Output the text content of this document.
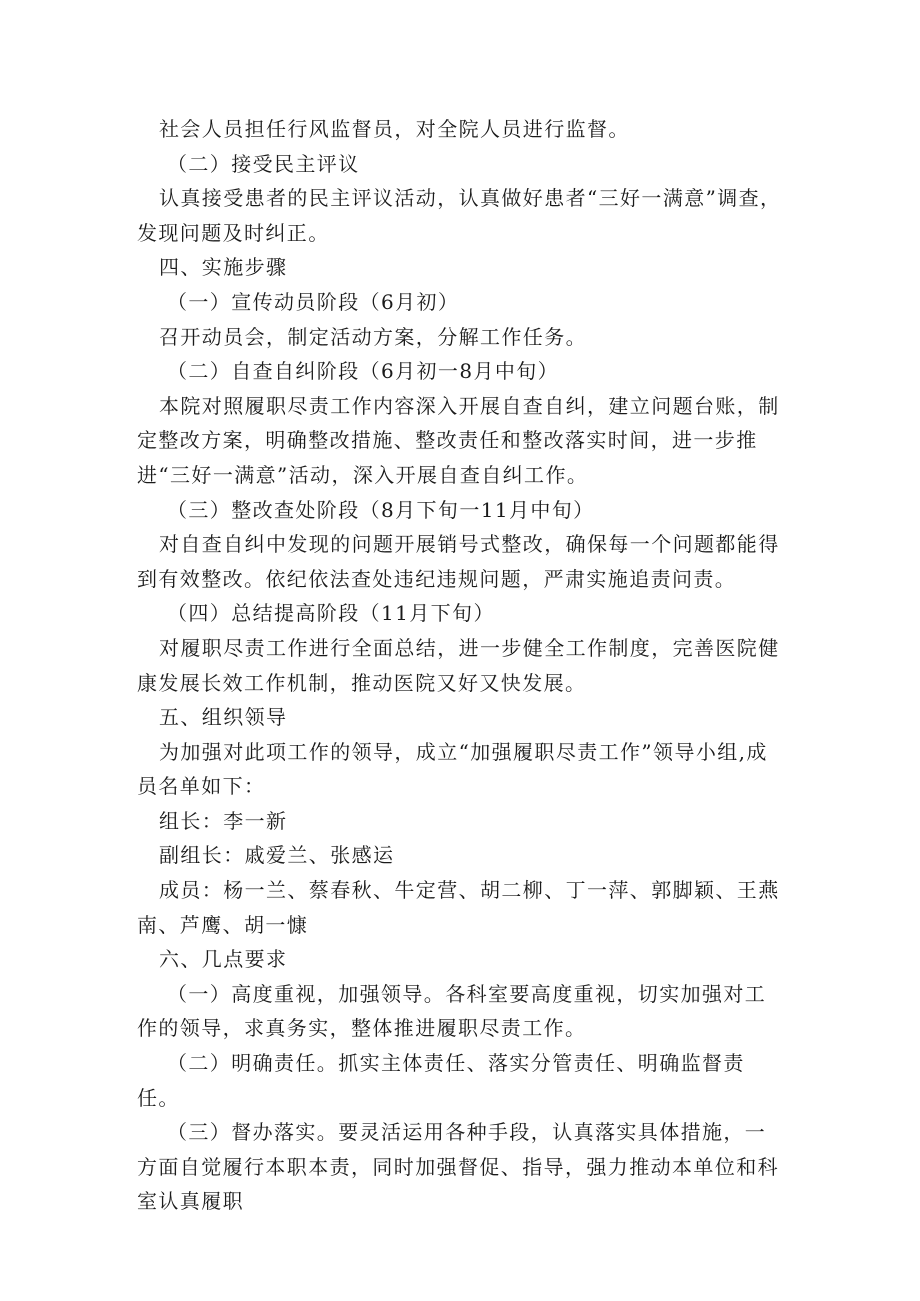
社会人员担任行风监督员，对全院人员进行监督。

（二）接受民主评议

认真接受患者的民主评议活动，认真做好患者“三好一满意”调查，发现问题及时纠正。

四、实施步骤

（一）宣传动员阶段（6月初）

召开动员会，制定活动方案，分解工作任务。

（二）自查自纠阶段（6月初一8月中旬）

本院对照履职尽责工作内容深入开展自查自纠，建立问题台账，制定整改方案，明确整改措施、整改责任和整改落实时间，进一步推进“三好一满意”活动，深入开展自查自纠工作。

（三）整改查处阶段（8月下旬一11月中旬）

对自查自纠中发现的问题开展销号式整改，确保每一个问题都能得到有效整改。依纪依法查处违纪违规问题，严肃实施追责问责。

（四）总结提高阶段（11月下旬）

对履职尽责工作进行全面总结，进一步健全工作制度，完善医院健康发展长效工作机制，推动医院又好又快发展。

五、组织领导

为加强对此项工作的领导，成立“加强履职尽责工作”领导小组,成员名单如下：

组长：李一新

副组长：戚爱兰、张感运

成员：杨一兰、蔡春秋、牛定营、胡二柳、丁一萍、郭脚颖、王燕南、芦鹰、胡一慷

六、几点要求

（一）高度重视，加强领导。各科室要高度重视，切实加强对工作的领导，求真务实，整体推进履职尽责工作。

（二）明确责任。抓实主体责任、落实分管责任、明确监督责任。

（三）督办落实。要灵活运用各种手段，认真落实具体措施，一方面自觉履行本职本责，同时加强督促、指导，强力推动本单位和科室认真履职
